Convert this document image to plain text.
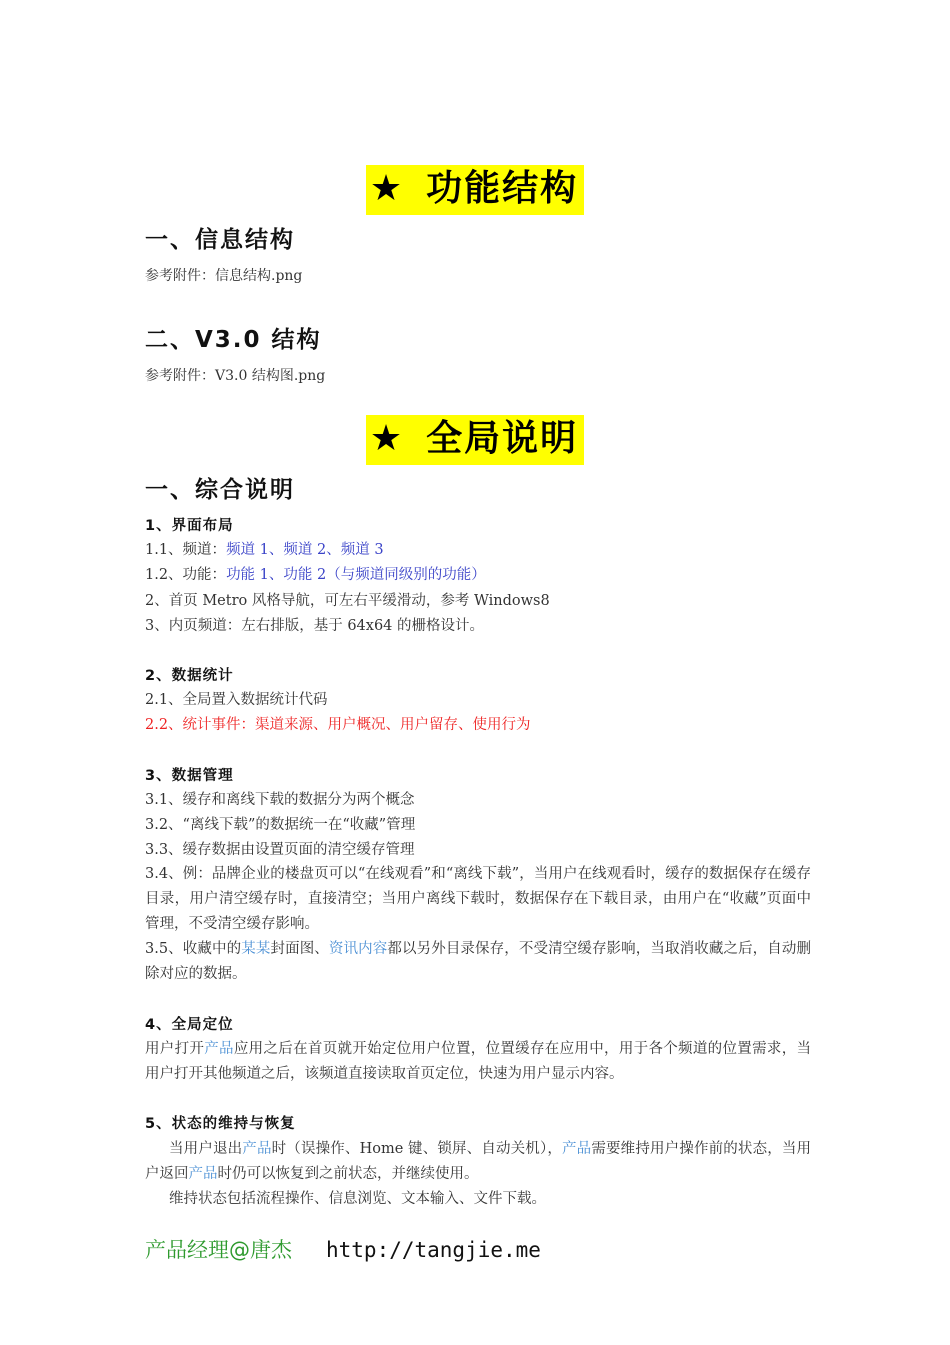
★ 功能结构
一、信息结构
参考附件：信息结构.png
二、V3.0 结构
参考附件：V3.0 结构图.png
★ 全局说明
一、综合说明
1、界面布局
1.1、频道：频道 1、频道 2、频道 3
1.2、功能：功能 1、功能 2（与频道同级别的功能）
2、首页 Metro 风格导航，可左右平缓滑动，参考 Windows8
3、内页频道：左右排版，基于 64x64 的栅格设计。
2、数据统计
2.1、全局置入数据统计代码
2.2、统计事件：渠道来源、用户概况、用户留存、使用行为
3、数据管理
3.1、缓存和离线下载的数据分为两个概念
3.2、“离线下载”的数据统一在“收藏”管理
3.3、缓存数据由设置页面的清空缓存管理
3.4、例：品牌企业的楼盘页可以“在线观看”和“离线下载”，当用户在线观看时，缓存的数据保存在缓存目录，用户清空缓存时，直接清空；当用户离线下载时，数据保存在下载目录，由用户在“收藏”页面中管理，不受清空缓存影响。
3.5、收藏中的某某封面图、资讯内容都以另外目录保存，不受清空缓存影响，当取消收藏之后，自动删除对应的数据。
4、全局定位
用户打开产品应用之后在首页就开始定位用户位置，位置缓存在应用中，用于各个频道的位置需求，当用户打开其他频道之后，该频道直接读取首页定位，快速为用户显示内容。
5、状态的维持与恢复
当用户退出产品时（误操作、Home 键、锁屏、自动关机），产品需要维持用户操作前的状态，当用户返回产品时仍可以恢复到之前状态，并继续使用。
维持状态包括流程操作、信息浏览、文本输入、文件下载。
产品经理@唐杰 http://tangjie.me
